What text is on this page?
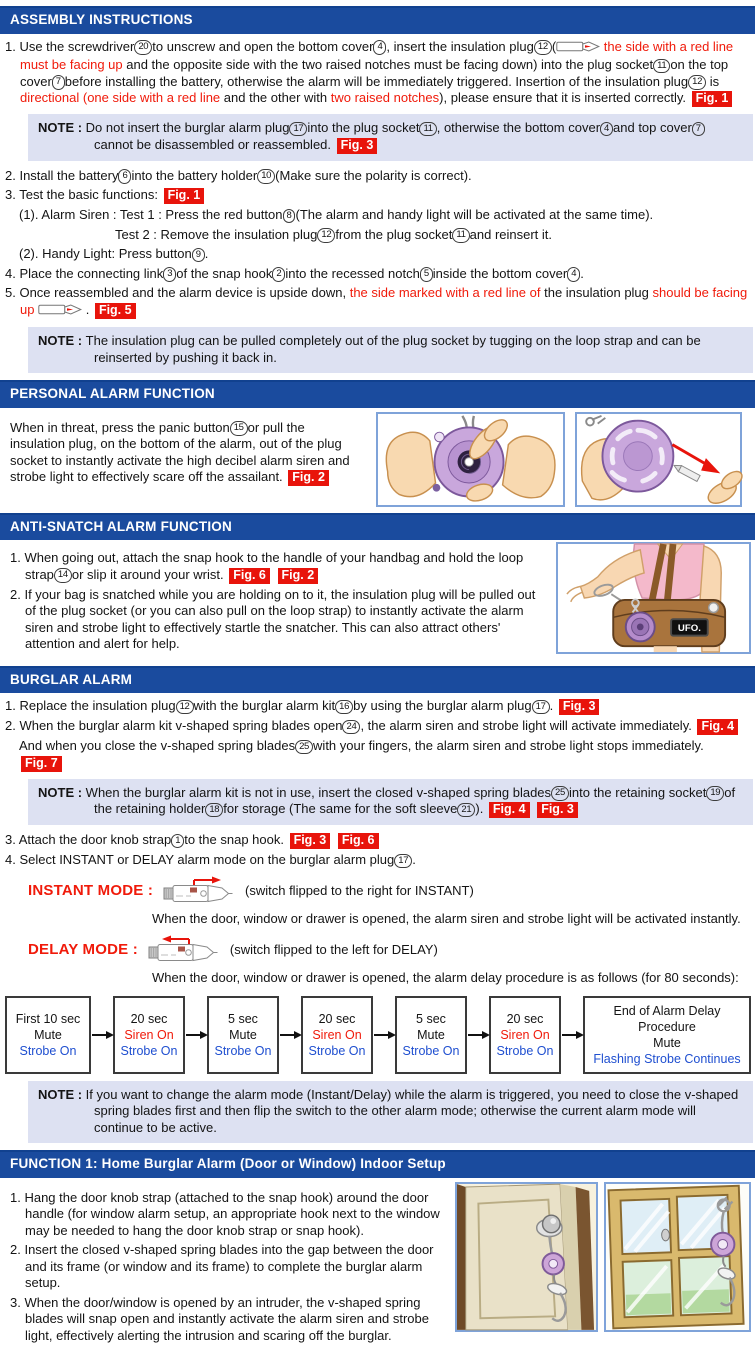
ASSEMBLY INSTRUCTIONS
1. Use the screwdriver 20 to unscrew and open the bottom cover 4 , insert the insulation plug 12 (	the side with a red line must be facing up and the opposite side with the two raised notches must be facing down) into the plug socket 11 on the top cover 7 before installing the battery, otherwise the alarm will be immediately triggered. Insertion of the insulation plug 12 is directional (one side with a red line and the other with two raised notches), please ensure that it is inserted correctly. Fig. 1
NOTE : Do not insert the burglar alarm plug 17 into the plug socket 11 , otherwise the bottom cover 4 and top cover 7 cannot be disassembled or reassembled. Fig. 3
2. Install the battery 6 into the battery holder 10 (Make sure the polarity is correct).
3. Test the basic functions: Fig. 1
(1). Alarm Siren : Test 1 : Press the red button 8 (The alarm and handy light will be activated at the same time).
Test 2 : Remove the insulation plug 12 from the plug socket 11 and reinsert it.
(2). Handy Light: Press button 9 .
4. Place the connecting link 3 of the snap hook 2 into the recessed notch 5 inside the bottom cover 4 .
5. Once reassembled and the alarm device is upside down, the side marked with a red line of the insulation plug should be facing up	. Fig. 5
NOTE : The insulation plug can be pulled completely out of the plug socket by tugging on the loop strap and can be reinserted by pushing it back in.
PERSONAL ALARM FUNCTION
When in threat, press the panic button 15 or pull the insulation plug, on the bottom of the alarm, out of the plug socket to instantly activate the high decibel alarm siren and strobe light to effectively scare off the assailant. Fig. 2
ANTI-SNATCH ALARM FUNCTION
1. When going out, attach the snap hook to the handle of your handbag and hold the loop strap 14 or slip it around your wrist. Fig. 6 Fig. 2
2. If your bag is snatched while you are holding on to it, the insulation plug will be pulled out of the plug socket (or you can also pull on the loop strap) to instantly activate the alarm siren and strobe light to effectively startle the snatcher. This can also attract others' attention and alert for help.
UFO.
BURGLAR ALARM
1. Replace the insulation plug 12 with the burglar alarm kit 16 by using the burglar alarm plug 17 . Fig. 3
2. When the burglar alarm kit v-shaped spring blades open 24 , the alarm siren and strobe light will activate immediately. Fig. 4
And when you close the v-shaped spring blades 25 with your fingers, the alarm siren and strobe light stops immediately. Fig. 7
NOTE : When the burglar alarm kit is not in use, insert the closed v-shaped spring blades 25 into the retaining socket 19 of the retaining holder 18 for storage (The same for the soft sleeve 21 ). Fig. 4 Fig. 3
3. Attach the door knob strap 1 to the snap hook. Fig. 3 Fig. 6
4. Select INSTANT or DELAY alarm mode on the burglar alarm plug 17 .
INSTANT MODE :	(switch flipped to the right for INSTANT)
When the door, window or drawer is opened, the alarm siren and strobe light will be activated instantly.
DELAY MODE :	(switch flipped to the left for DELAY)
When the door, window or drawer is opened, the alarm delay procedure is as follows (for 80 seconds):
First 10 sec
Mute
Strobe On
20 sec
Siren On
Strobe On
5 sec
Mute
Strobe On
20 sec
Siren On
Strobe On
5 sec
Mute
Strobe On
20 sec
Siren On
Strobe On
End of Alarm Delay Procedure
Mute
Flashing Strobe Continues
NOTE : If you want to change the alarm mode (Instant/Delay) while the alarm is triggered, you need to close the v-shaped spring blades first and then flip the switch to the other alarm mode; otherwise the current alarm mode will continue to be active.
FUNCTION 1: Home Burglar Alarm (Door or Window) Indoor Setup
1. Hang the door knob strap (attached to the snap hook) around the door handle (for window alarm setup, an appropriate hook next to the window may be needed to hang the door knob strap or snap hook).
2. Insert the closed v-shaped spring blades into the gap between the door and its frame (or window and its frame) to complete the burglar alarm setup.
3. When the door/window is opened by an intruder, the v-shaped spring blades will snap open and instantly activate the alarm siren and strobe light, effectively alerting the intrusion and scaring off the burglar.
